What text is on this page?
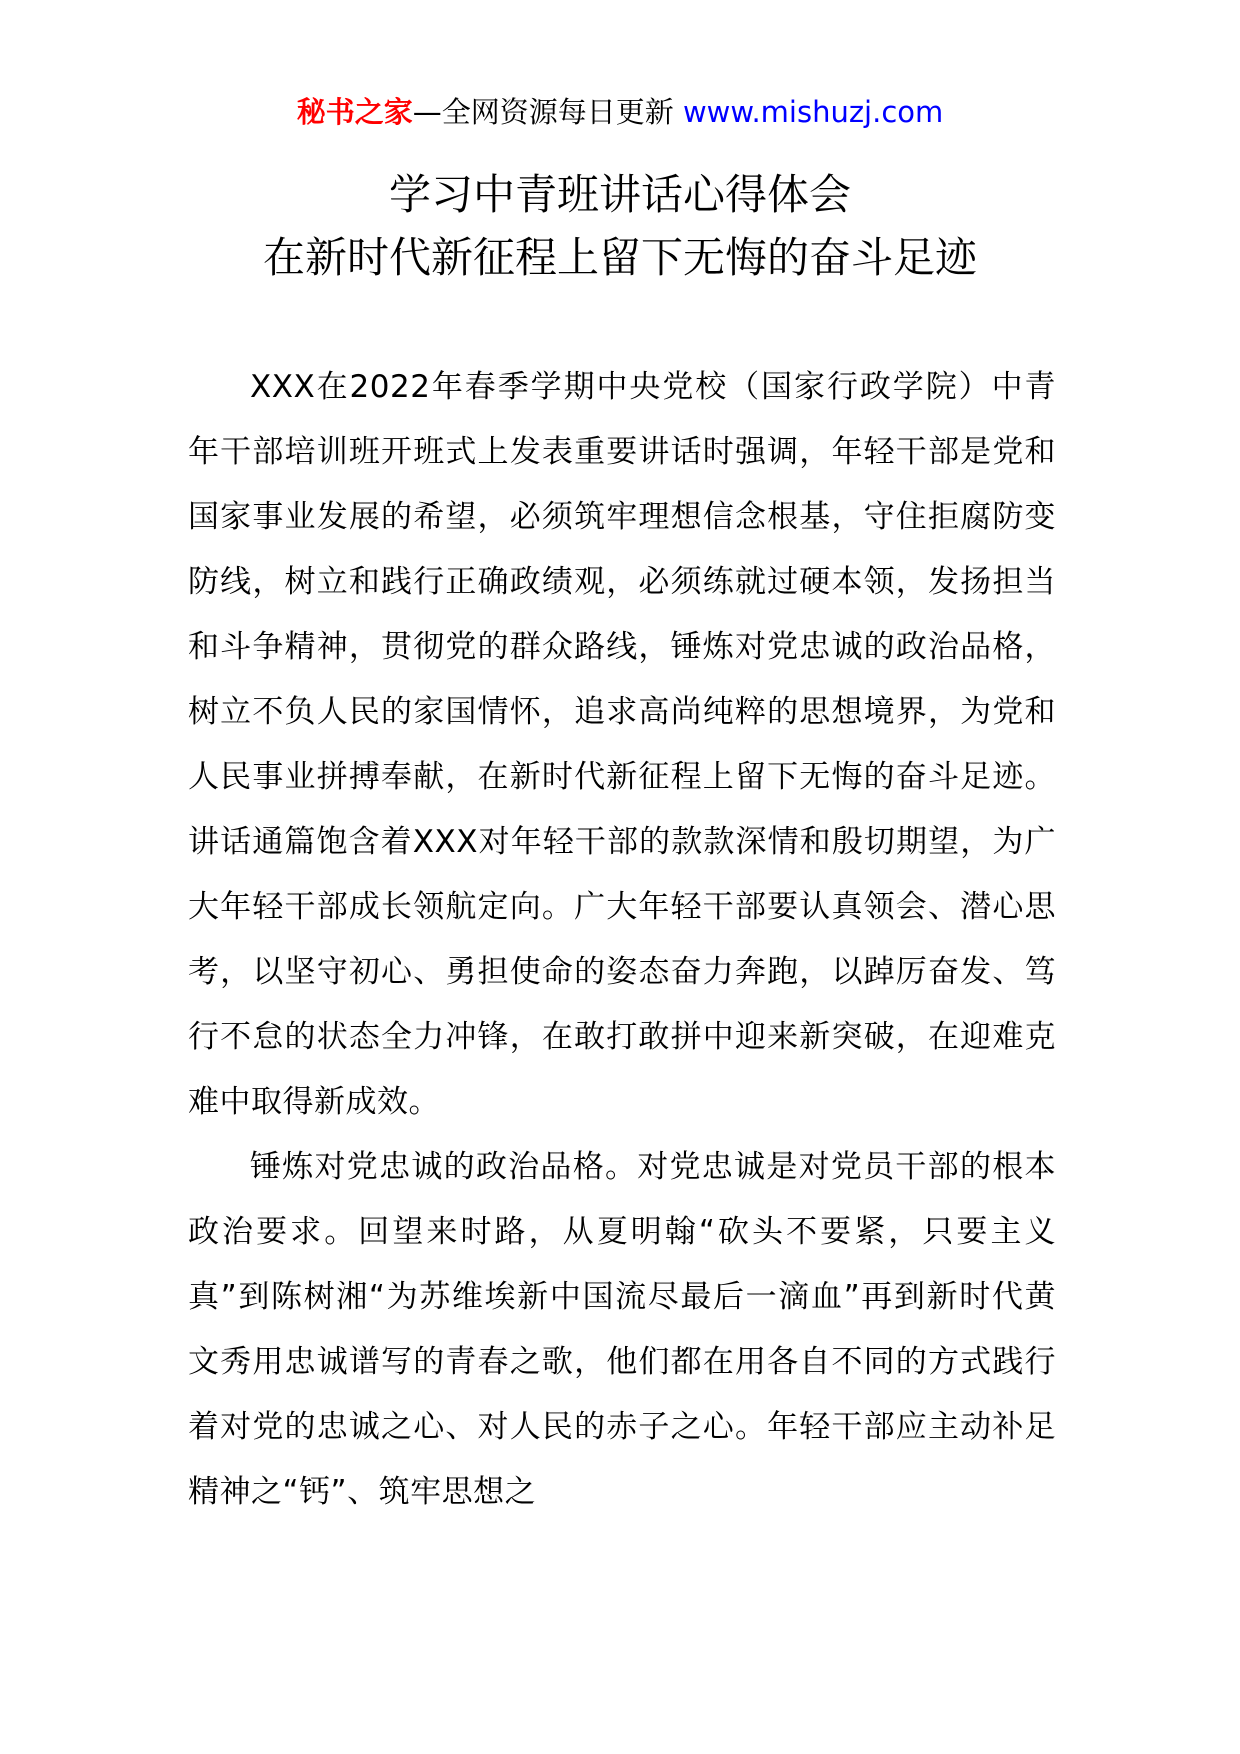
秘书之家—全网资源每日更新 www.mishuzj.com
学习中青班讲话心得体会
在新时代新征程上留下无悔的奋斗足迹

XXX在2022年春季学期中央党校（国家行政学院）中青年干部培训班开班式上发表重要讲话时强调，年轻干部是党和国家事业发展的希望，必须筑牢理想信念根基，守住拒腐防变防线，树立和践行正确政绩观，必须练就过硬本领，发扬担当和斗争精神，贯彻党的群众路线，锤炼对党忠诚的政治品格，树立不负人民的家国情怀，追求高尚纯粹的思想境界，为党和人民事业拼搏奉献，在新时代新征程上留下无悔的奋斗足迹。讲话通篇饱含着XXX对年轻干部的款款深情和殷切期望，为广大年轻干部成长领航定向。广大年轻干部要认真领会、潜心思考，以坚守初心、勇担使命的姿态奋力奔跑，以踔厉奋发、笃行不怠的状态全力冲锋，在敢打敢拼中迎来新突破，在迎难克难中取得新成效。

锤炼对党忠诚的政治品格。对党忠诚是对党员干部的根本政治要求。回望来时路，从夏明翰“砍头不要紧，只要主义真”到陈树湘“为苏维埃新中国流尽最后一滴血”再到新时代黄文秀用忠诚谱写的青春之歌，他们都在用各自不同的方式践行着对党的忠诚之心、对人民的赤子之心。年轻干部应主动补足精神之“钙”、筑牢思想之
